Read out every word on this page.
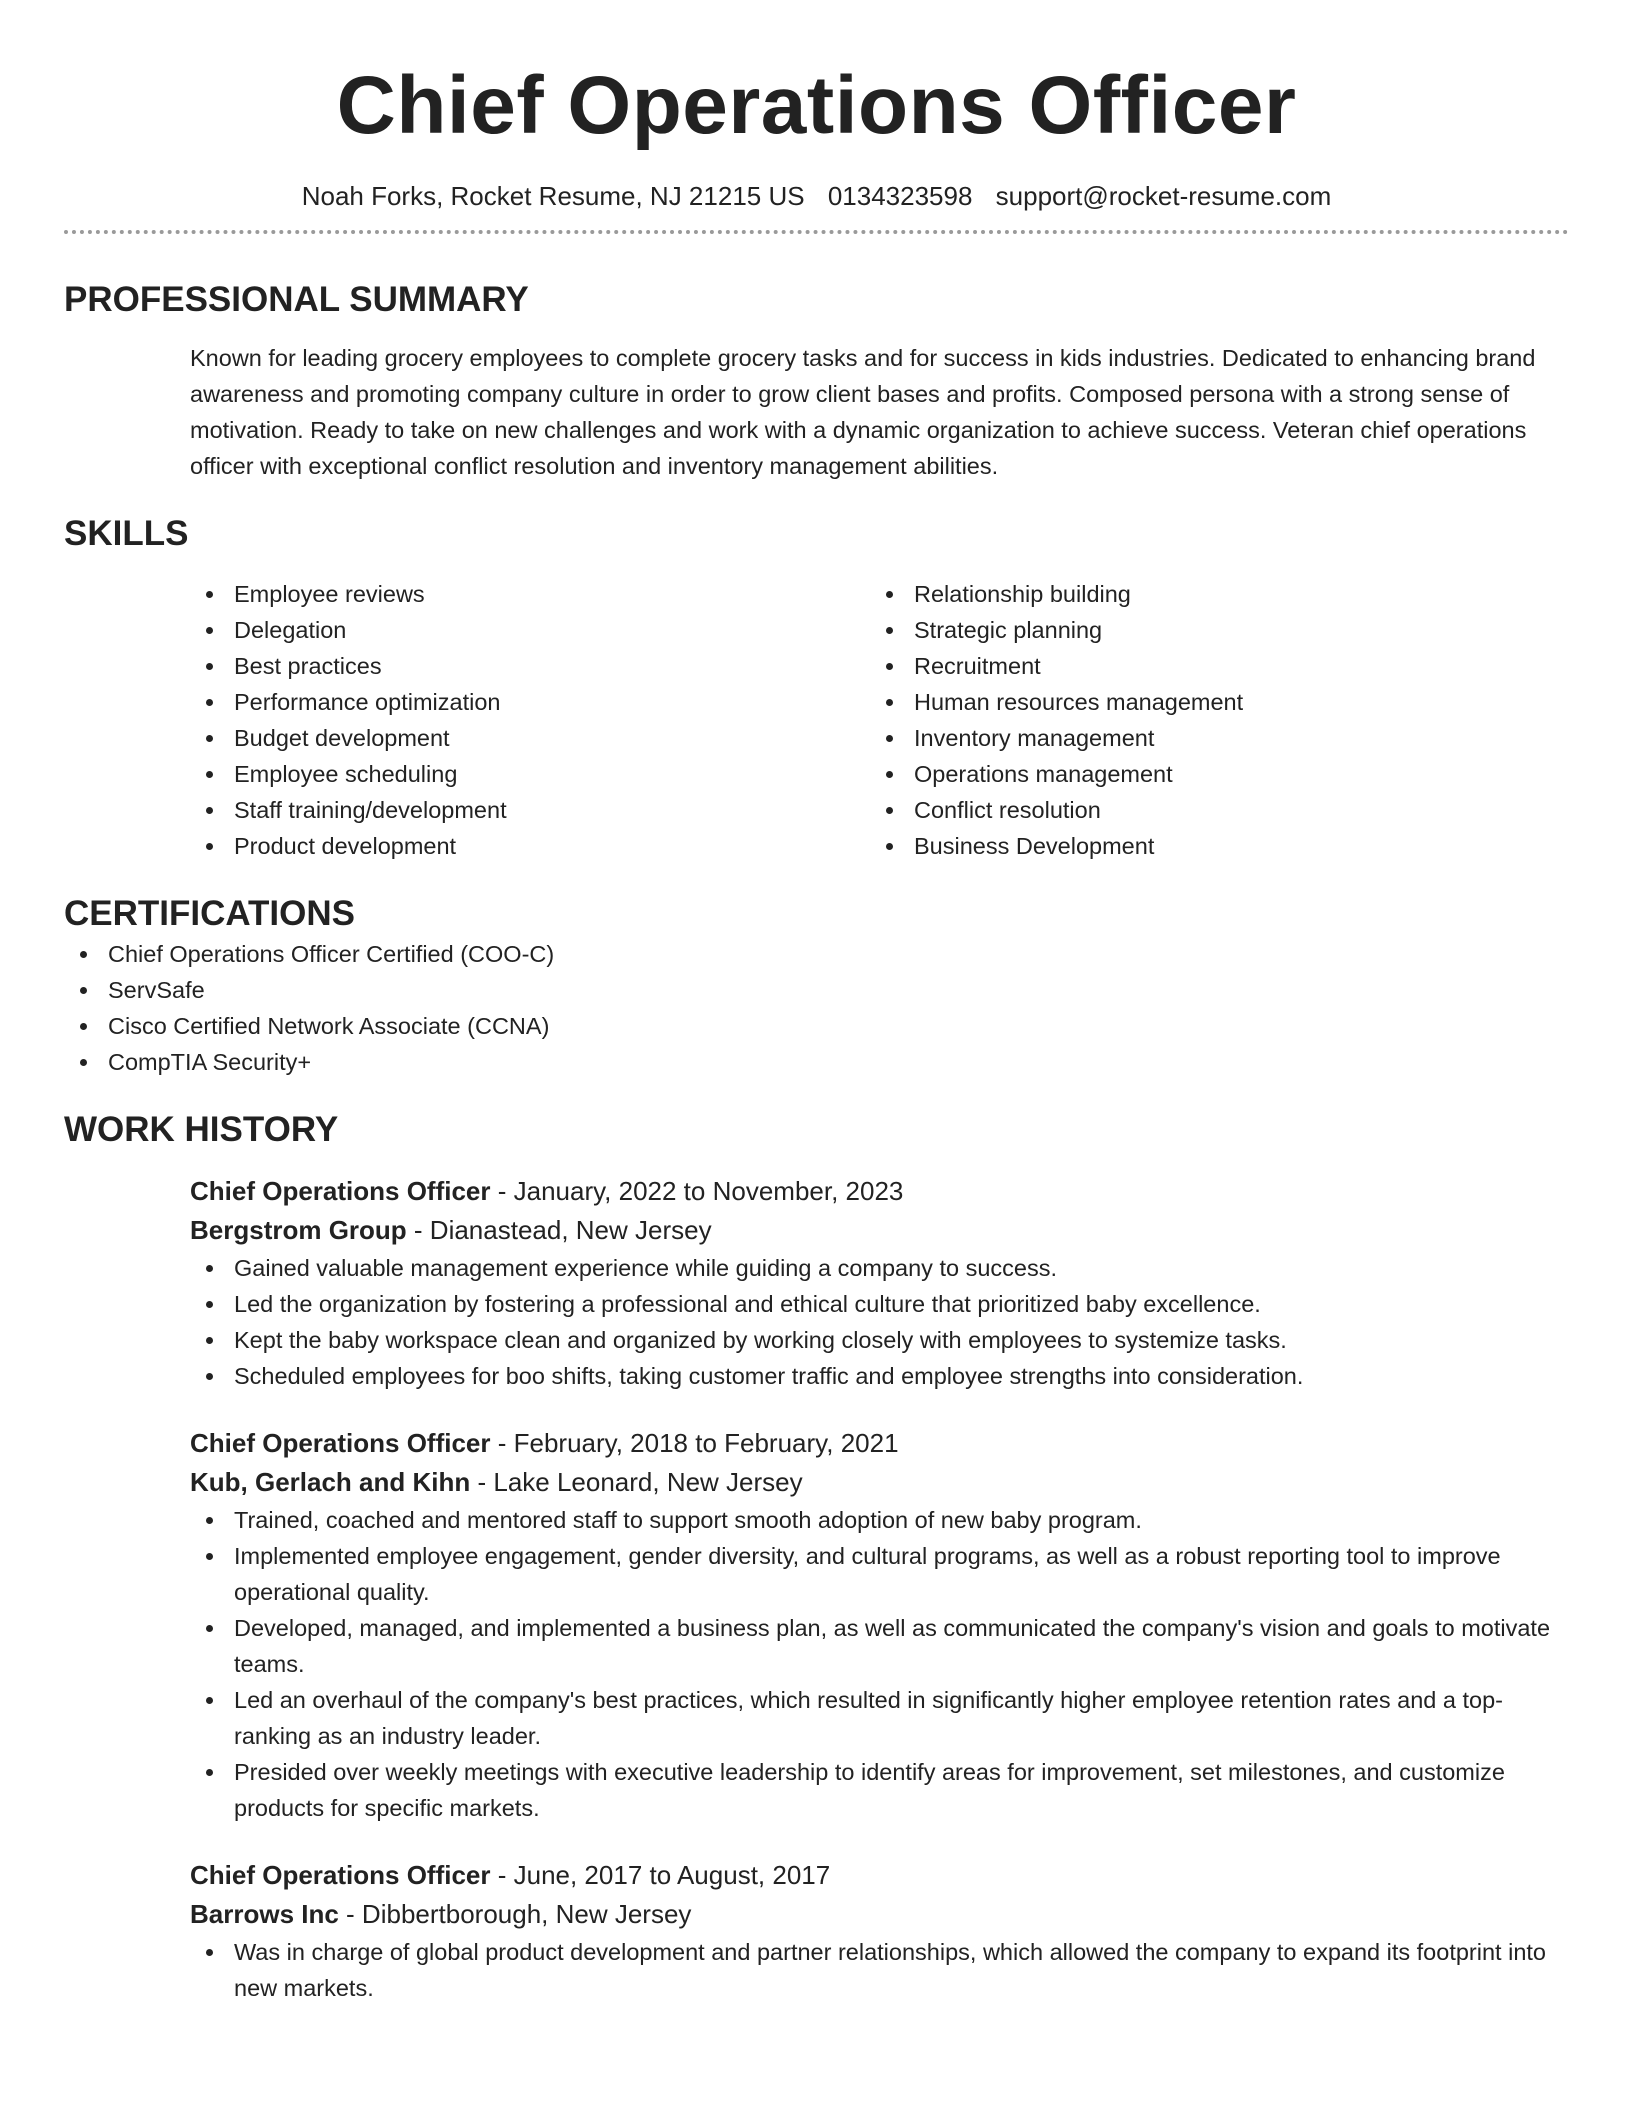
Chief Operations Officer
Noah Forks, Rocket Resume, NJ 21215 US 0134323598 support@rocket-resume.com
PROFESSIONAL SUMMARY

Known for leading grocery employees to complete grocery tasks and for success in kids industries. Dedicated to enhancing brand awareness and promoting company culture in order to grow client bases and profits. Composed persona with a strong sense of motivation. Ready to take on new challenges and work with a dynamic organization to achieve success. Veteran chief operations officer with exceptional conflict resolution and inventory management abilities.

SKILLS
Employee reviews
Delegation
Best practices
Performance optimization
Budget development
Employee scheduling
Staff training/development
Product development
Relationship building
Strategic planning
Recruitment
Human resources management
Inventory management
Operations management
Conflict resolution
Business Development
CERTIFICATIONS
Chief Operations Officer Certified (COO-C)
ServSafe
Cisco Certified Network Associate (CCNA)
CompTIA Security+
WORK HISTORY
Chief Operations Officer - January, 2022 to November, 2023
Bergstrom Group - Dianastead, New Jersey
Gained valuable management experience while guiding a company to success.
Led the organization by fostering a professional and ethical culture that prioritized baby excellence.
Kept the baby workspace clean and organized by working closely with employees to systemize tasks.
Scheduled employees for boo shifts, taking customer traffic and employee strengths into consideration.
Chief Operations Officer - February, 2018 to February, 2021
Kub, Gerlach and Kihn - Lake Leonard, New Jersey
Trained, coached and mentored staff to support smooth adoption of new baby program.
Implemented employee engagement, gender diversity, and cultural programs, as well as a robust reporting tool to improve operational quality.
Developed, managed, and implemented a business plan, as well as communicated the company's vision and goals to motivate teams.
Led an overhaul of the company's best practices, which resulted in significantly higher employee retention rates and a top-ranking as an industry leader.
Presided over weekly meetings with executive leadership to identify areas for improvement, set milestones, and customize products for specific markets.
Chief Operations Officer - June, 2017 to August, 2017
Barrows Inc - Dibbertborough, New Jersey
Was in charge of global product development and partner relationships, which allowed the company to expand its footprint into new markets.
